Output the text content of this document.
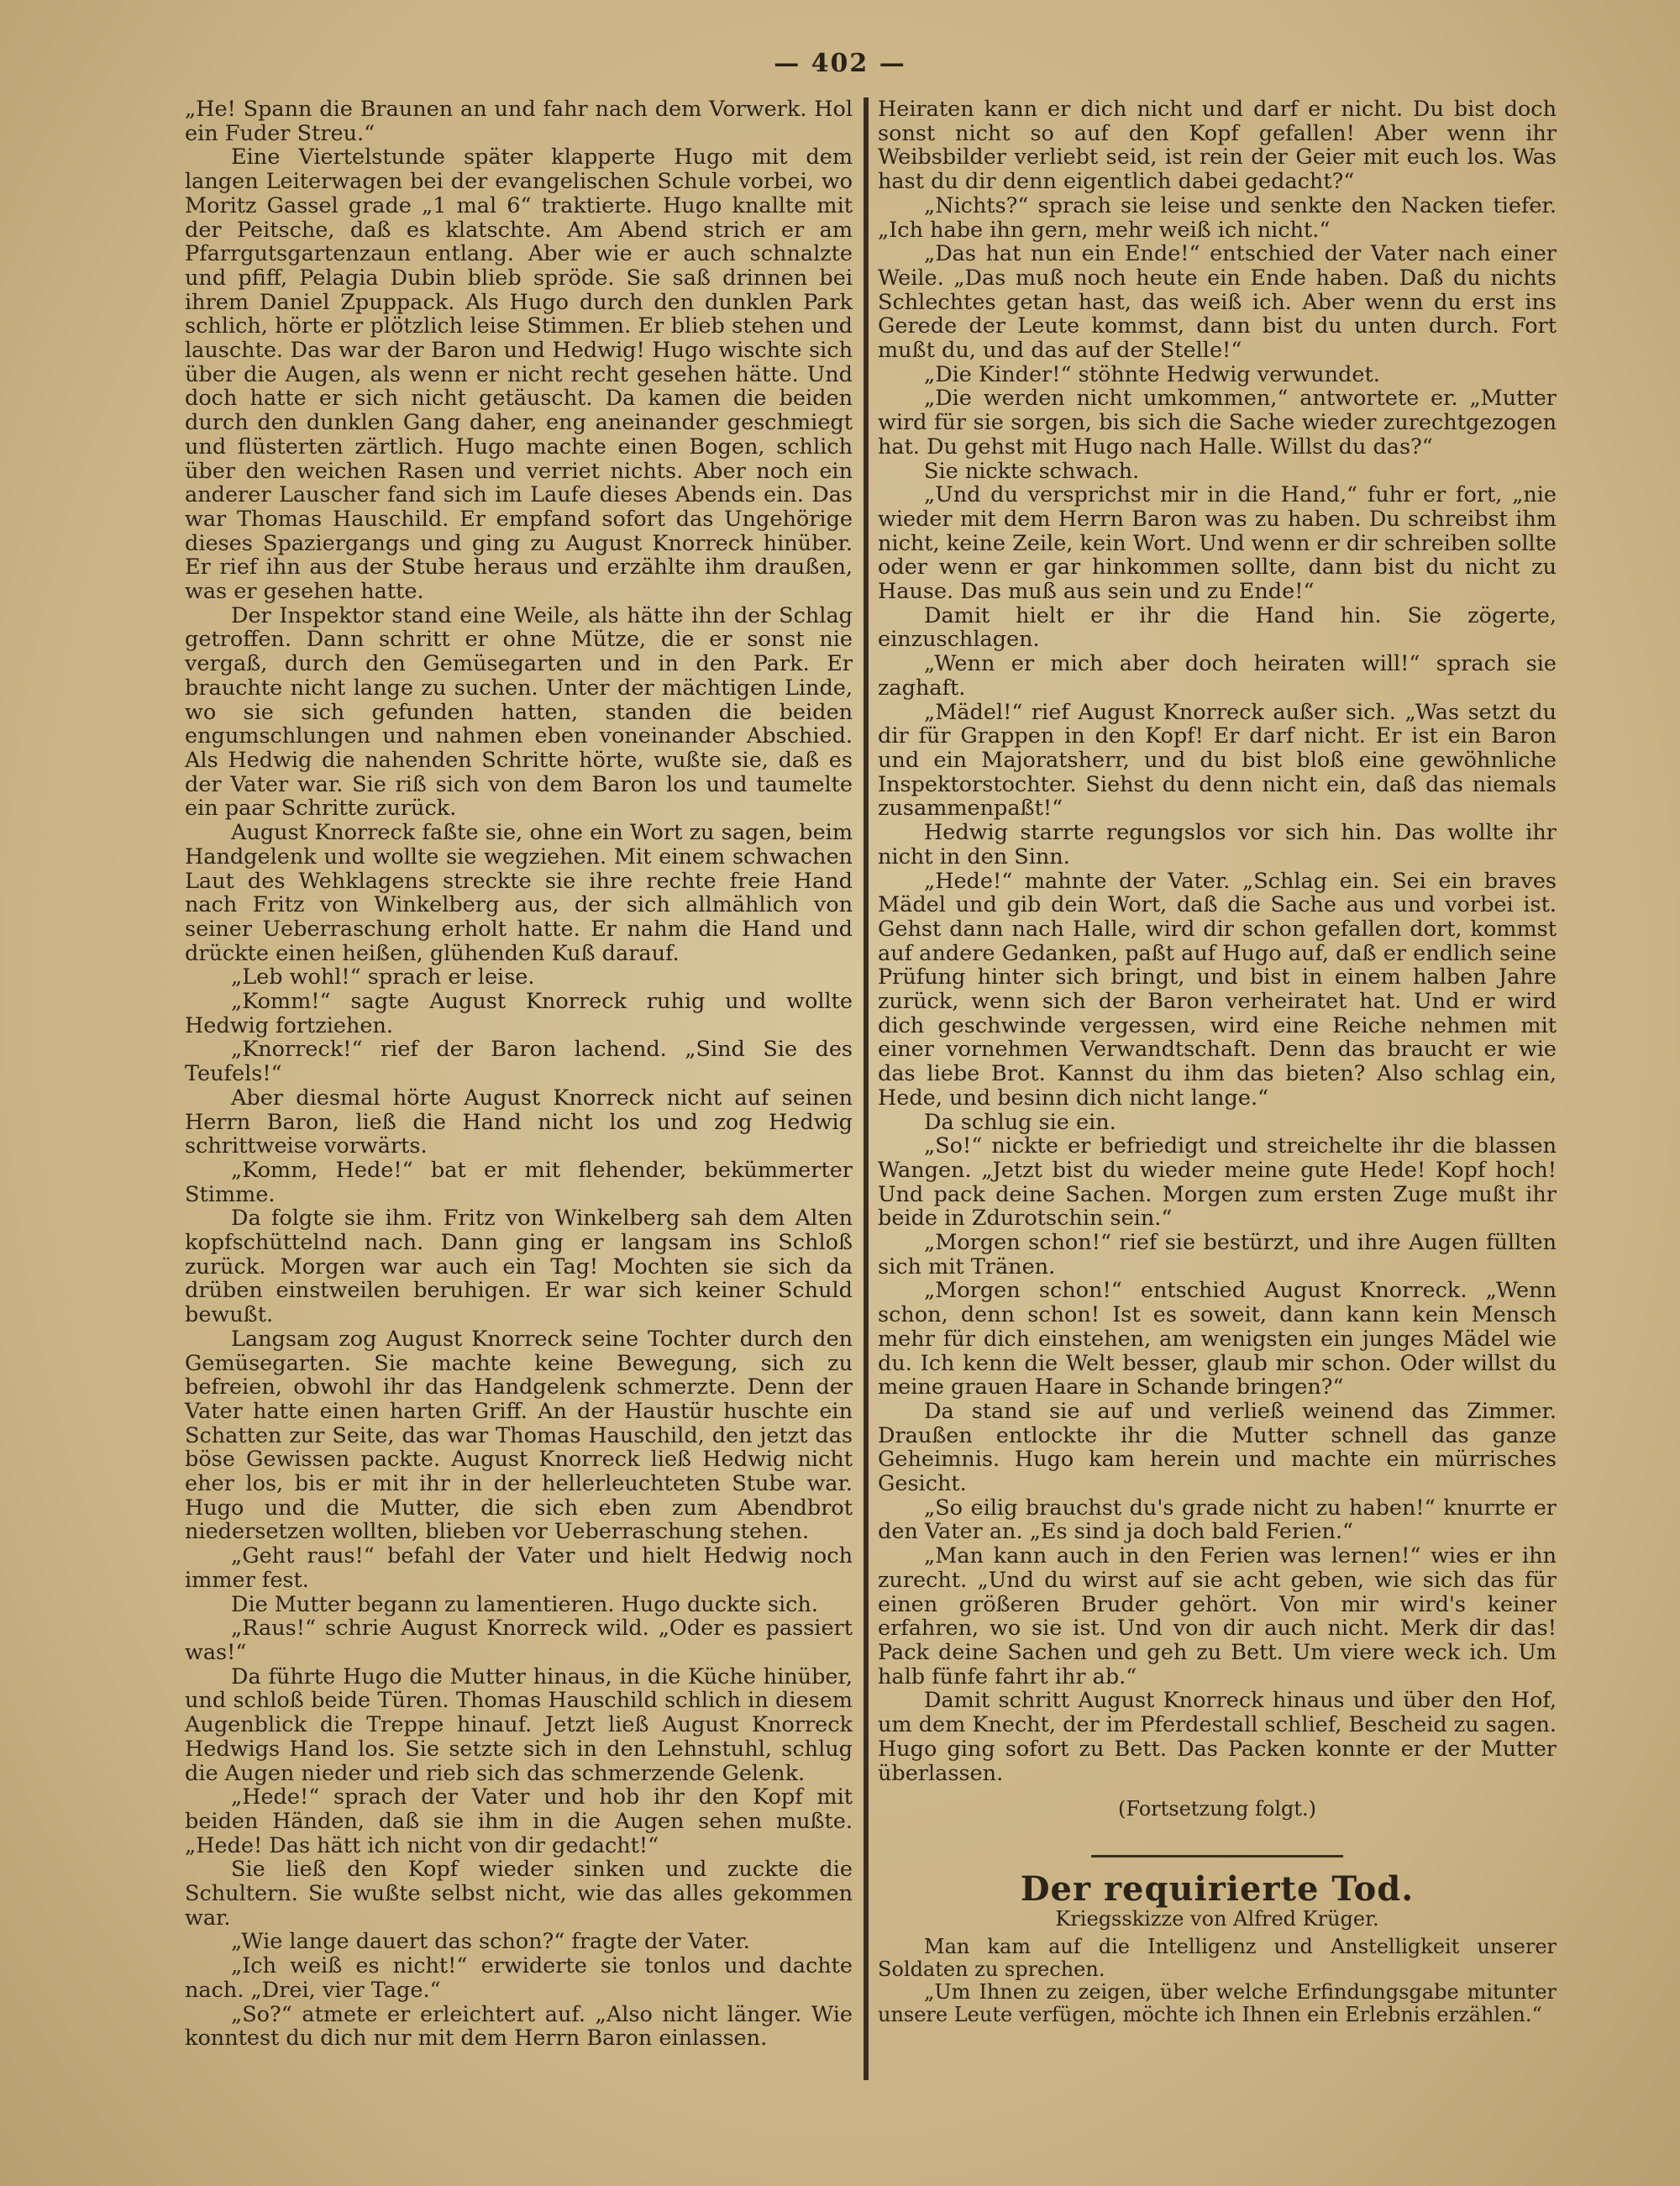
— 402 —

„He! Spann die Braunen an und fahr nach dem Vorwerk. Hol ein Fuder Streu.“

Eine Viertelstunde später klapperte Hugo mit dem langen Leiterwagen bei der evangelischen Schule vorbei, wo Moritz Gassel grade „1 mal 6“ traktierte. Hugo knallte mit der Peitsche, daß es klatschte. Am Abend strich er am Pfarrgutsgartenzaun entlang. Aber wie er auch schnalzte und pfiff, Pelagia Dubin blieb spröde. Sie saß drinnen bei ihrem Daniel Zpuppack. Als Hugo durch den dunklen Park schlich, hörte er plötzlich leise Stimmen. Er blieb stehen und lauschte. Das war der Baron und Hedwig! Hugo wischte sich über die Augen, als wenn er nicht recht gesehen hätte. Und doch hatte er sich nicht getäuscht. Da kamen die beiden durch den dunklen Gang daher, eng aneinander geschmiegt und flüsterten zärtlich. Hugo machte einen Bogen, schlich über den weichen Rasen und verriet nichts. Aber noch ein anderer Lauscher fand sich im Laufe dieses Abends ein. Das war Thomas Hauschild. Er empfand sofort das Ungehörige dieses Spaziergangs und ging zu August Knorreck hinüber. Er rief ihn aus der Stube heraus und erzählte ihm draußen, was er gesehen hatte.

Der Inspektor stand eine Weile, als hätte ihn der Schlag getroffen. Dann schritt er ohne Mütze, die er sonst nie vergaß, durch den Gemüsegarten und in den Park. Er brauchte nicht lange zu suchen. Unter der mächtigen Linde, wo sie sich gefunden hatten, standen die beiden engumschlungen und nahmen eben voneinander Abschied. Als Hedwig die nahenden Schritte hörte, wußte sie, daß es der Vater war. Sie riß sich von dem Baron los und taumelte ein paar Schritte zurück.

August Knorreck faßte sie, ohne ein Wort zu sagen, beim Handgelenk und wollte sie wegziehen. Mit einem schwachen Laut des Wehklagens streckte sie ihre rechte freie Hand nach Fritz von Winkelberg aus, der sich allmählich von seiner Ueberraschung erholt hatte. Er nahm die Hand und drückte einen heißen, glühenden Kuß darauf.

„Leb wohl!“ sprach er leise.

„Komm!“ sagte August Knorreck ruhig und wollte Hedwig fortziehen.

„Knorreck!“ rief der Baron lachend. „Sind Sie des Teufels!“

Aber diesmal hörte August Knorreck nicht auf seinen Herrn Baron, ließ die Hand nicht los und zog Hedwig schrittweise vorwärts.

„Komm, Hede!“ bat er mit flehender, bekümmerter Stimme.

Da folgte sie ihm. Fritz von Winkelberg sah dem Alten kopfschüttelnd nach. Dann ging er langsam ins Schloß zurück. Morgen war auch ein Tag! Mochten sie sich da drüben einstweilen beruhigen. Er war sich keiner Schuld bewußt.

Langsam zog August Knorreck seine Tochter durch den Gemüsegarten. Sie machte keine Bewegung, sich zu befreien, obwohl ihr das Handgelenk schmerzte. Denn der Vater hatte einen harten Griff. An der Haustür huschte ein Schatten zur Seite, das war Thomas Hauschild, den jetzt das böse Gewissen packte. August Knorreck ließ Hedwig nicht eher los, bis er mit ihr in der hellerleuchteten Stube war. Hugo und die Mutter, die sich eben zum Abendbrot niedersetzen wollten, blieben vor Ueberraschung stehen.

„Geht raus!“ befahl der Vater und hielt Hedwig noch immer fest.

Die Mutter begann zu lamentieren. Hugo duckte sich.

„Raus!“ schrie August Knorreck wild. „Oder es passiert was!“

Da führte Hugo die Mutter hinaus, in die Küche hinüber, und schloß beide Türen. Thomas Hauschild schlich in diesem Augenblick die Treppe hinauf. Jetzt ließ August Knorreck Hedwigs Hand los. Sie setzte sich in den Lehnstuhl, schlug die Augen nieder und rieb sich das schmerzende Gelenk.

„Hede!“ sprach der Vater und hob ihr den Kopf mit beiden Händen, daß sie ihm in die Augen sehen mußte. „Hede! Das hätt ich nicht von dir gedacht!“

Sie ließ den Kopf wieder sinken und zuckte die Schultern. Sie wußte selbst nicht, wie das alles gekommen war.

„Wie lange dauert das schon?“ fragte der Vater.

„Ich weiß es nicht!“ erwiderte sie tonlos und dachte nach. „Drei, vier Tage.“

„So?“ atmete er erleichtert auf. „Also nicht länger. Wie konntest du dich nur mit dem Herrn Baron einlassen.

Heiraten kann er dich nicht und darf er nicht. Du bist doch sonst nicht so auf den Kopf gefallen! Aber wenn ihr Weibsbilder verliebt seid, ist rein der Geier mit euch los. Was hast du dir denn eigentlich dabei gedacht?“

„Nichts?“ sprach sie leise und senkte den Nacken tiefer. „Ich habe ihn gern, mehr weiß ich nicht.“

„Das hat nun ein Ende!“ entschied der Vater nach einer Weile. „Das muß noch heute ein Ende haben. Daß du nichts Schlechtes getan hast, das weiß ich. Aber wenn du erst ins Gerede der Leute kommst, dann bist du unten durch. Fort mußt du, und das auf der Stelle!“

„Die Kinder!“ stöhnte Hedwig verwundet.

„Die werden nicht umkommen,“ antwortete er. „Mutter wird für sie sorgen, bis sich die Sache wieder zurechtgezogen hat. Du gehst mit Hugo nach Halle. Willst du das?“

Sie nickte schwach.

„Und du versprichst mir in die Hand,“ fuhr er fort, „nie wieder mit dem Herrn Baron was zu haben. Du schreibst ihm nicht, keine Zeile, kein Wort. Und wenn er dir schreiben sollte oder wenn er gar hinkommen sollte, dann bist du nicht zu Hause. Das muß aus sein und zu Ende!“

Damit hielt er ihr die Hand hin. Sie zögerte, einzuschlagen.

„Wenn er mich aber doch heiraten will!“ sprach sie zaghaft.

„Mädel!“ rief August Knorreck außer sich. „Was setzt du dir für Grappen in den Kopf! Er darf nicht. Er ist ein Baron und ein Majoratsherr, und du bist bloß eine gewöhnliche Inspektorstochter. Siehst du denn nicht ein, daß das niemals zusammenpaßt!“

Hedwig starrte regungslos vor sich hin. Das wollte ihr nicht in den Sinn.

„Hede!“ mahnte der Vater. „Schlag ein. Sei ein braves Mädel und gib dein Wort, daß die Sache aus und vorbei ist. Gehst dann nach Halle, wird dir schon gefallen dort, kommst auf andere Gedanken, paßt auf Hugo auf, daß er endlich seine Prüfung hinter sich bringt, und bist in einem halben Jahre zurück, wenn sich der Baron verheiratet hat. Und er wird dich geschwinde vergessen, wird eine Reiche nehmen mit einer vornehmen Verwandtschaft. Denn das braucht er wie das liebe Brot. Kannst du ihm das bieten? Also schlag ein, Hede, und besinn dich nicht lange.“

Da schlug sie ein.

„So!“ nickte er befriedigt und streichelte ihr die blassen Wangen. „Jetzt bist du wieder meine gute Hede! Kopf hoch! Und pack deine Sachen. Morgen zum ersten Zuge mußt ihr beide in Zdurotschin sein.“

„Morgen schon!“ rief sie bestürzt, und ihre Augen füllten sich mit Tränen.

„Morgen schon!“ entschied August Knorreck. „Wenn schon, denn schon! Ist es soweit, dann kann kein Mensch mehr für dich einstehen, am wenigsten ein junges Mädel wie du. Ich kenn die Welt besser, glaub mir schon. Oder willst du meine grauen Haare in Schande bringen?“

Da stand sie auf und verließ weinend das Zimmer. Draußen entlockte ihr die Mutter schnell das ganze Geheimnis. Hugo kam herein und machte ein mürrisches Gesicht.

„So eilig brauchst du's grade nicht zu haben!“ knurrte er den Vater an. „Es sind ja doch bald Ferien.“

„Man kann auch in den Ferien was lernen!“ wies er ihn zurecht. „Und du wirst auf sie acht geben, wie sich das für einen größeren Bruder gehört. Von mir wird's keiner erfahren, wo sie ist. Und von dir auch nicht. Merk dir das! Pack deine Sachen und geh zu Bett. Um viere weck ich. Um halb fünfe fahrt ihr ab.“

Damit schritt August Knorreck hinaus und über den Hof, um dem Knecht, der im Pferdestall schlief, Bescheid zu sagen. Hugo ging sofort zu Bett. Das Packen konnte er der Mutter überlassen.

(Fortsetzung folgt.)

Der requirierte Tod.

Kriegsskizze von Alfred Krüger.

Man kam auf die Intelligenz und Anstelligkeit unserer Soldaten zu sprechen.

„Um Ihnen zu zeigen, über welche Erfindungsgabe mitunter unsere Leute verfügen, möchte ich Ihnen ein Erlebnis erzählen.“
